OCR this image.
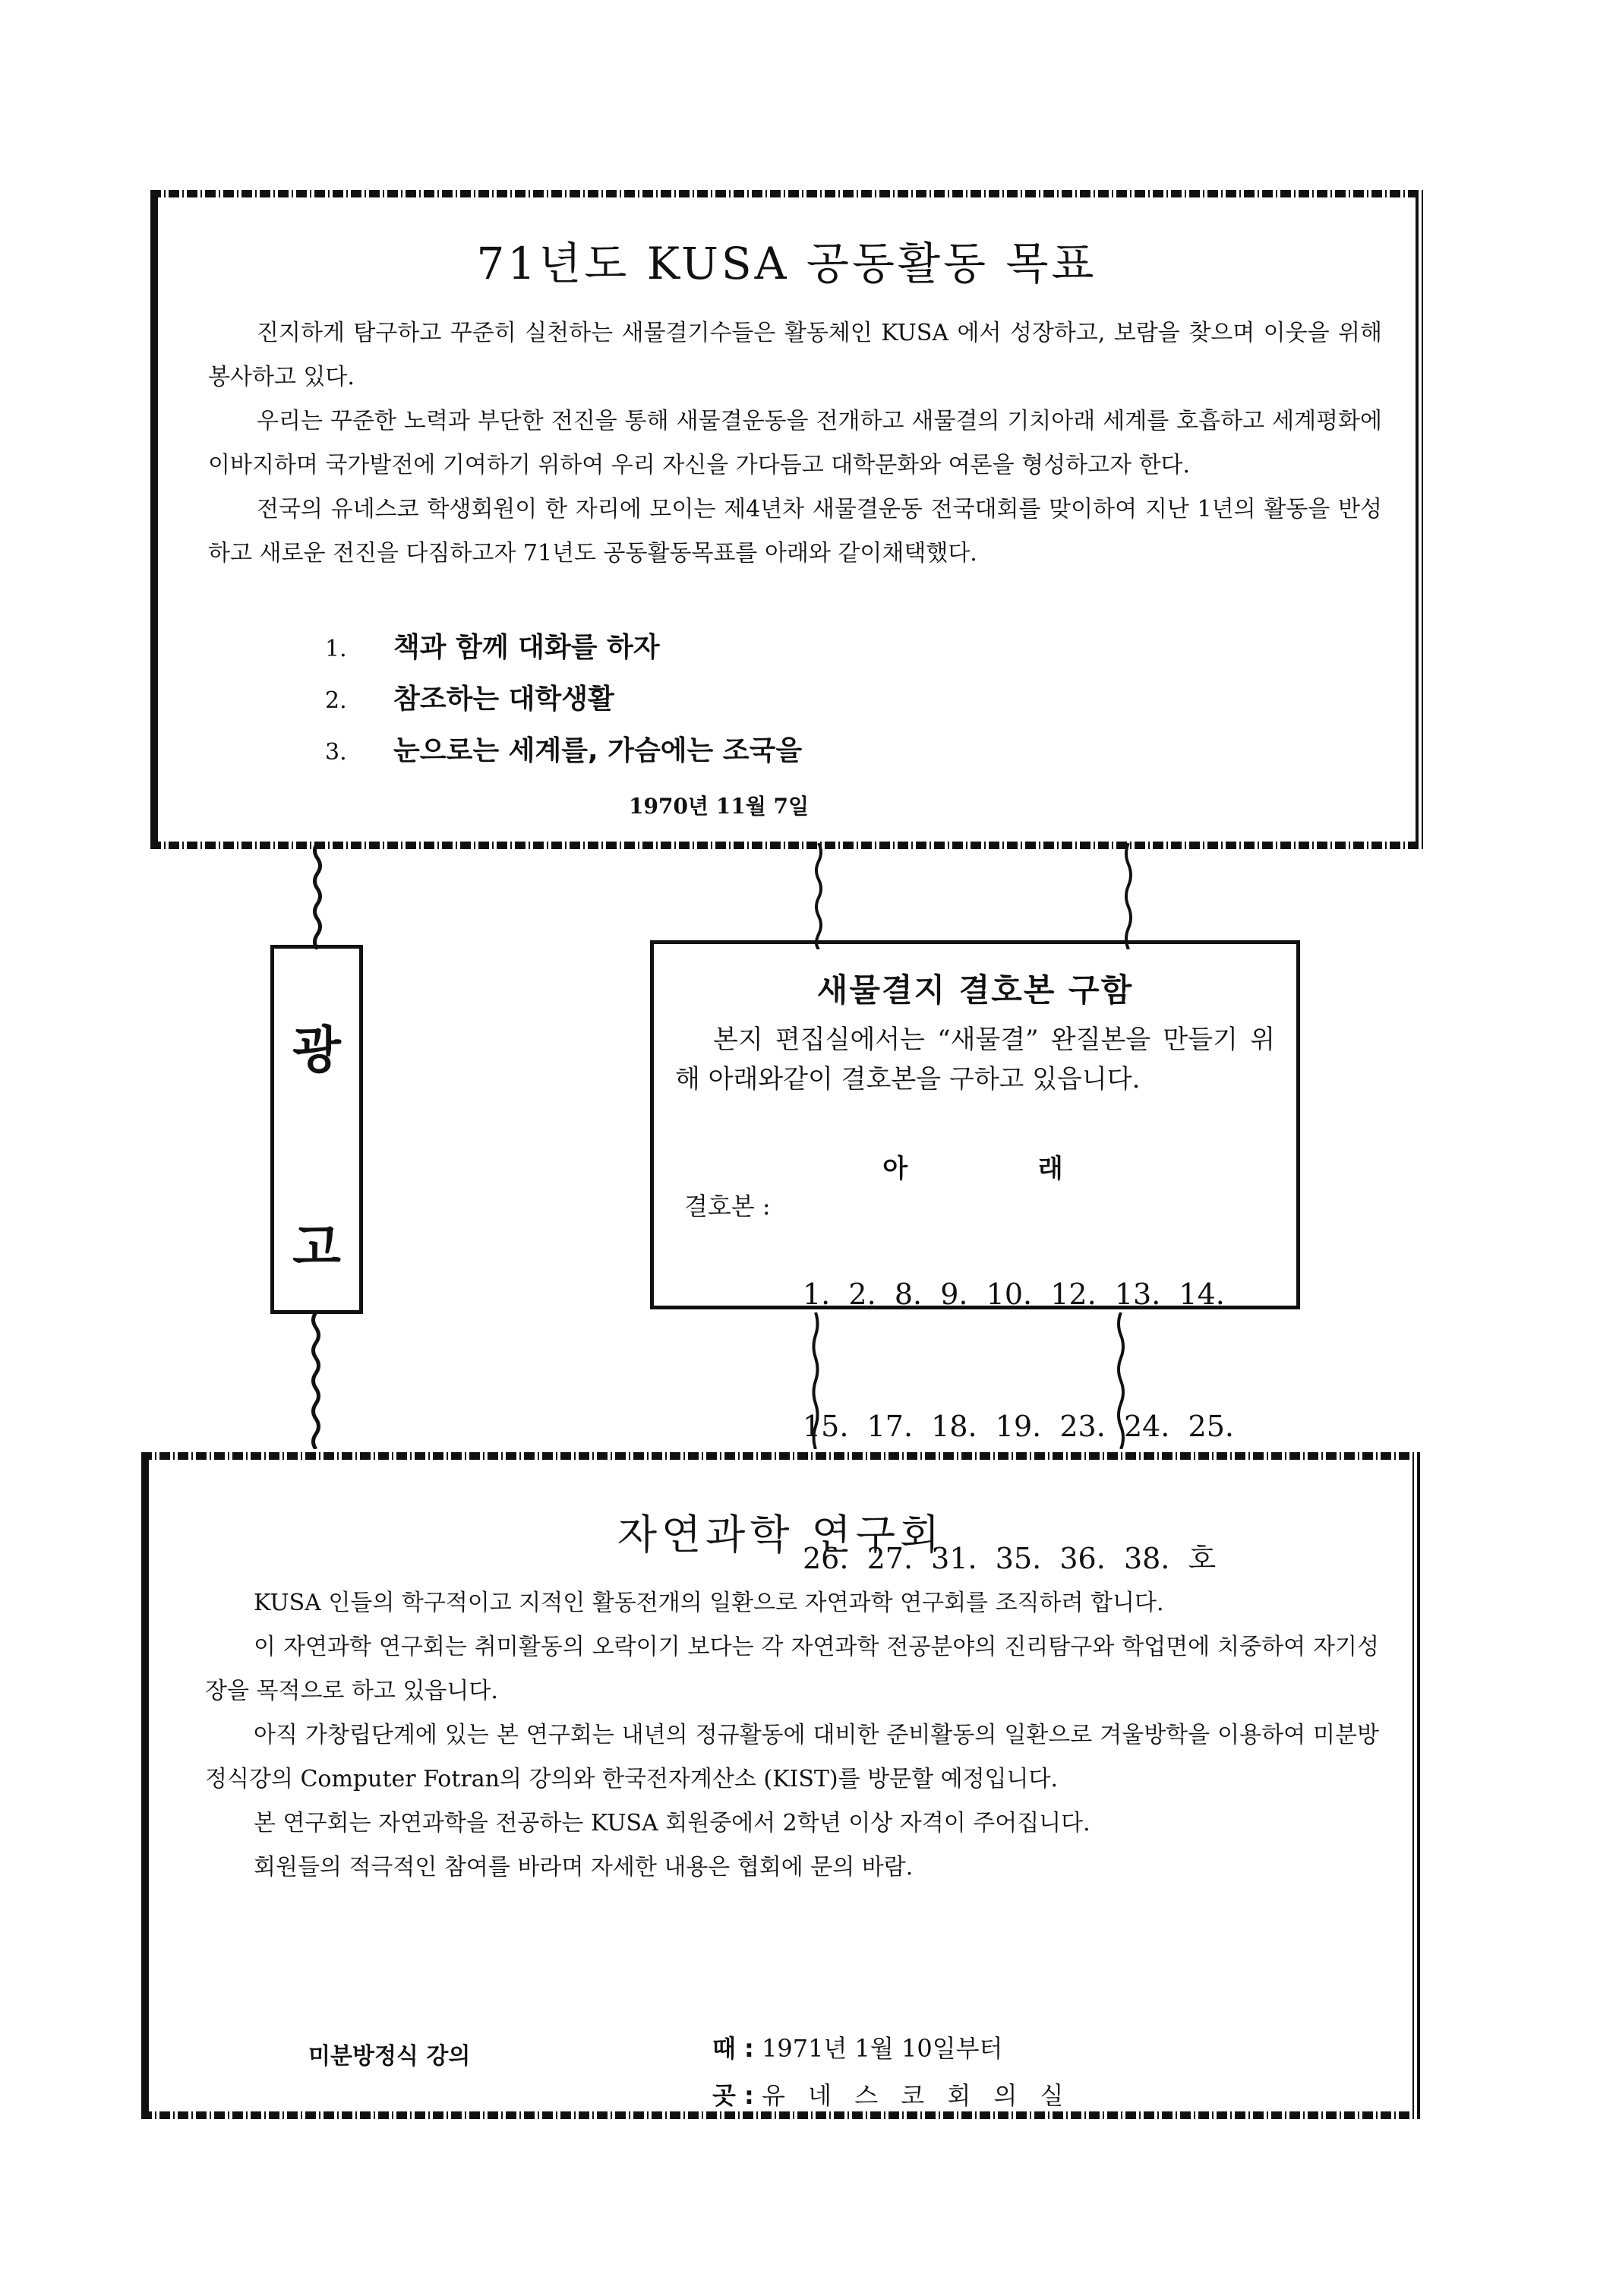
71년도 KUSA 공동활동 목표

진지하게 탐구하고 꾸준히 실천하는 새물결기수들은 활동체인 KUSA 에서 성장하고, 보람을 찾으며 이웃을 위해 봉사하고 있다.

우리는 꾸준한 노력과 부단한 전진을 통해 새물결운동을 전개하고 새물결의 기치아래 세계를 호흡하고 세계평화에 이바지하며 국가발전에 기여하기 위하여 우리 자신을 가다듬고 대학문화와 여론을 형성하고자 한다.

전국의 유네스코 학생회원이 한 자리에 모이는 제4년차 새물결운동 전국대회를 맞이하여 지난 1년의 활동을 반성하고 새로운 전진을 다짐하고자 71년도 공동활동목표를 아래와 같이채택했다.

1. 책과 함께 대화를 하자
2. 참조하는 대학생활
3. 눈으로는 세계를, 가슴에는 조국을
1970년 11월 7일
광
고
새물결지 결호본 구함
본지 편집실에서는 “새물결” 완질본을 만들기 위해 아래와같이 결호본을 구하고 있읍니다.
아 래
결호본 :

1.  2.  8.  9.  10.  12.  13.  14.

15.  17.  18.  19.  23.  24.  25.

26.  27.  31.  35.  36.  38.  호

자연과학 연구회

KUSA 인들의 학구적이고 지적인 활동전개의 일환으로 자연과학 연구회를 조직하려 합니다.

이 자연과학 연구회는 취미활동의 오락이기 보다는 각 자연과학 전공분야의 진리탐구와 학업면에 치중하여 자기성장을 목적으로 하고 있읍니다.

아직 가창립단계에 있는 본 연구회는 내년의 정규활동에 대비한 준비활동의 일환으로 겨울방학을 이용하여 미분방정식강의 Computer Fotran의 강의와 한국전자계산소 (KIST)를 방문할 예정입니다.

본 연구회는 자연과학을 전공하는 KUSA 회원중에서 2학년 이상 자격이 주어집니다.

회원들의 적극적인 참여를 바라며 자세한 내용은 협회에 문의 바람.

미분방정식 강의	때 : 1971년 1월 10일부터
곳 : 유 네 스 코 회 의 실
